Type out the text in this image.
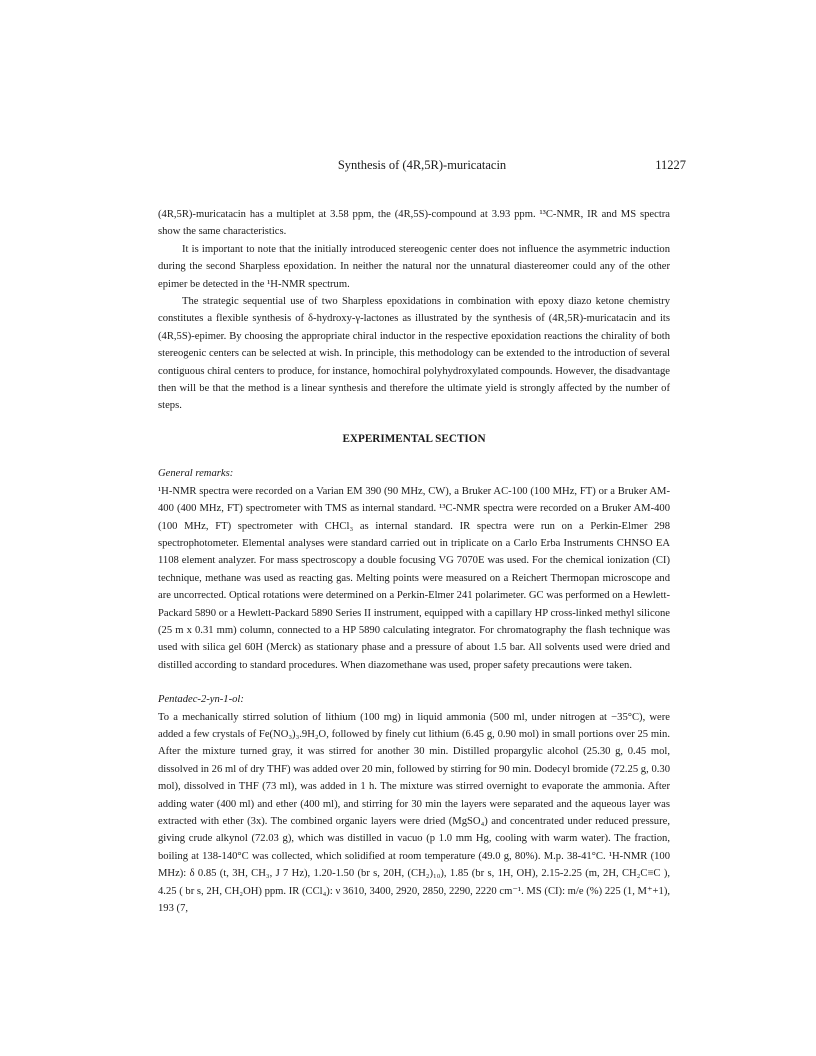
Synthesis of (4R,5R)-muricatacin	11227

(4R,5R)-muricatacin has a multiplet at 3.58 ppm, the (4R,5S)-compound at 3.93 ppm. ¹³C-NMR, IR and MS spectra show the same characteristics.

It is important to note that the initially introduced stereogenic center does not influence the asymmetric induction during the second Sharpless epoxidation. In neither the natural nor the unnatural diastereomer could any of the other epimer be detected in the ¹H-NMR spectrum.

The strategic sequential use of two Sharpless epoxidations in combination with epoxy diazo ketone chemistry constitutes a flexible synthesis of δ-hydroxy-γ-lactones as illustrated by the synthesis of (4R,5R)-muricatacin and its (4R,5S)-epimer. By choosing the appropriate chiral inductor in the respective epoxidation reactions the chirality of both stereogenic centers can be selected at wish. In principle, this methodology can be extended to the introduction of several contiguous chiral centers to produce, for instance, homochiral polyhydroxylated compounds. However, the disadvantage then will be that the method is a linear synthesis and therefore the ultimate yield is strongly affected by the number of steps.

EXPERIMENTAL SECTION

General remarks:

¹H-NMR spectra were recorded on a Varian EM 390 (90 MHz, CW), a Bruker AC-100 (100 MHz, FT) or a Bruker AM-400 (400 MHz, FT) spectrometer with TMS as internal standard. ¹³C-NMR spectra were recorded on a Bruker AM-400 (100 MHz, FT) spectrometer with CHCl₃ as internal standard. IR spectra were run on a Perkin-Elmer 298 spectrophotometer. Elemental analyses were standard carried out in triplicate on a Carlo Erba Instruments CHNSO EA 1108 element analyzer. For mass spectroscopy a double focusing VG 7070E was used. For the chemical ionization (CI) technique, methane was used as reacting gas. Melting points were measured on a Reichert Thermopan microscope and are uncorrected. Optical rotations were determined on a Perkin-Elmer 241 polarimeter. GC was performed on a Hewlett-Packard 5890 or a Hewlett-Packard 5890 Series II instrument, equipped with a capillary HP cross-linked methyl silicone (25 m x 0.31 mm) column, connected to a HP 5890 calculating integrator. For chromatography the flash technique was used with silica gel 60H (Merck) as stationary phase and a pressure of about 1.5 bar. All solvents used were dried and distilled according to standard procedures. When diazomethane was used, proper safety precautions were taken.

Pentadec-2-yn-1-ol:

To a mechanically stirred solution of lithium (100 mg) in liquid ammonia (500 ml, under nitrogen at −35°C), were added a few crystals of Fe(NO₃)₃.9H₂O, followed by finely cut lithium (6.45 g, 0.90 mol) in small portions over 25 min. After the mixture turned gray, it was stirred for another 30 min. Distilled propargylic alcohol (25.30 g, 0.45 mol, dissolved in 26 ml of dry THF) was added over 20 min, followed by stirring for 90 min. Dodecyl bromide (72.25 g, 0.30 mol), dissolved in THF (73 ml), was added in 1 h. The mixture was stirred overnight to evaporate the ammonia. After adding water (400 ml) and ether (400 ml), and stirring for 30 min the layers were separated and the aqueous layer was extracted with ether (3x). The combined organic layers were dried (MgSO₄) and concentrated under reduced pressure, giving crude alkynol (72.03 g), which was distilled in vacuo (p 1.0 mm Hg, cooling with warm water). The fraction, boiling at 138-140°C was collected, which solidified at room temperature (49.0 g, 80%). M.p. 38-41°C. ¹H-NMR (100 MHz): δ 0.85 (t, 3H, CH₃, J 7 Hz), 1.20-1.50 (br s, 20H, (CH₂)₁₀), 1.85 (br s, 1H, OH), 2.15-2.25 (m, 2H, CH₂C≡C ), 4.25 ( br s, 2H, CH₂OH) ppm. IR (CCl₄): ν 3610, 3400, 2920, 2850, 2290, 2220 cm⁻¹. MS (CI): m/e (%) 225 (1, M⁺+1), 193 (7,
